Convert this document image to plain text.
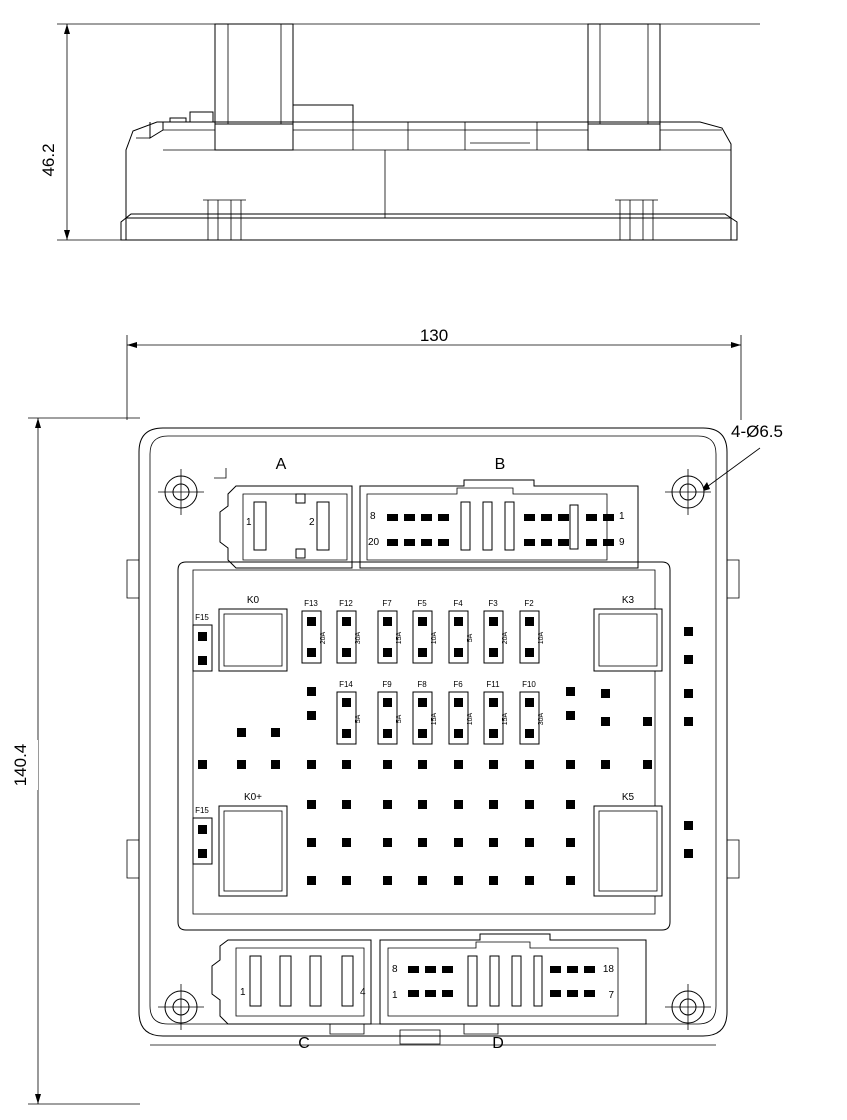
46.2
130
140.4
4-Ø6.5
1	2
A
8	1
20	9
B
K0	K3
K0+	K5
F15
F15
F13
20A
F12
30A
F7
15A
F5
10A
F4
5A
F3
20A
F2
10A
F14
5A
F9
5A
F8
15A
F6
10A
F11
15A
F10
30A
1	4
C
8	18
1	7
D
